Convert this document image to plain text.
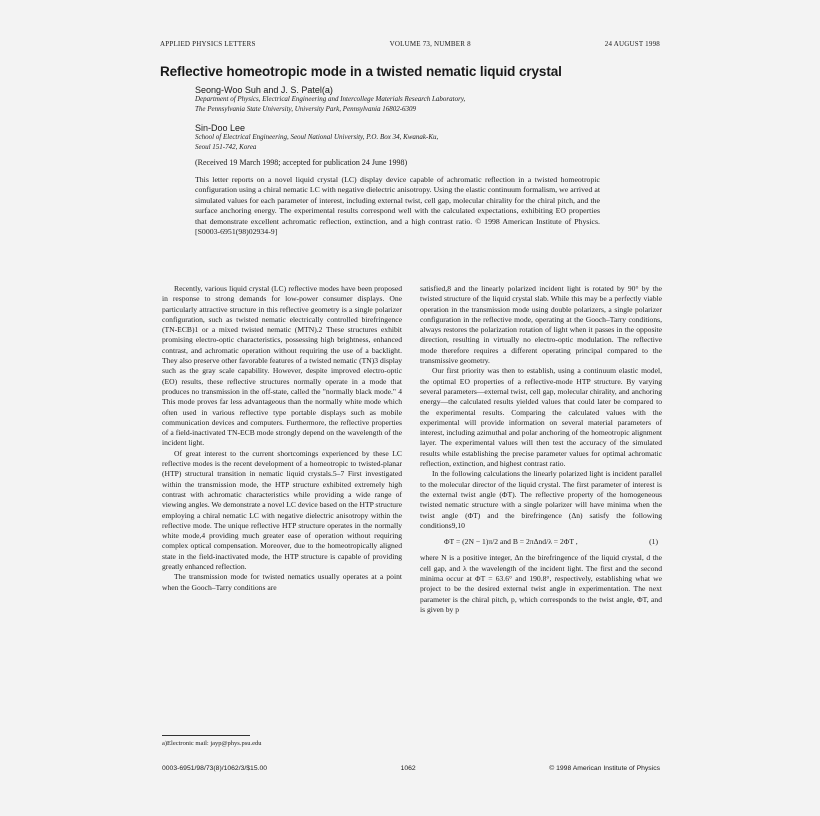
APPLIED PHYSICS LETTERS	VOLUME 73, NUMBER 8	24 AUGUST 1998
Reflective homeotropic mode in a twisted nematic liquid crystal
Seong-Woo Suh and J. S. Patel(a)
Department of Physics, Electrical Engineering and Intercollege Materials Research Laboratory,
The Pennsylvania State University, University Park, Pennsylvania 16802-6309
Sin-Doo Lee
School of Electrical Engineering, Seoul National University, P.O. Box 34, Kwanak-Ku,
Seoul 151-742, Korea
(Received 19 March 1998; accepted for publication 24 June 1998)
This letter reports on a novel liquid crystal (LC) display device capable of achromatic reflection in a twisted homeotropic configuration using a chiral nematic LC with negative dielectric anisotropy. Using the elastic continuum formalism, we arrived at simulated values for each parameter of interest, including external twist, cell gap, molecular chirality for the chiral pitch, and the surface anchoring energy. The experimental results correspond well with the calculated expectations, exhibiting EO properties that demonstrate excellent achromatic reflection, extinction, and a high contrast ratio. © 1998 American Institute of Physics. [S0003-6951(98)02934-9]

Recently, various liquid crystal (LC) reflective modes have been proposed in response to strong demands for low-power consumer displays. One particularly attractive structure in this reflective geometry is a single polarizer configuration, such as twisted nematic electrically controlled birefringence (TN-ECB)1 or a mixed twisted nematic (MTN).2 These structures exhibit promising electro-optic characteristics, possessing high brightness, enhanced contrast, and achromatic operation without requiring the use of a backlight. They also preserve other favorable features of a twisted nematic (TN)3 display such as the gray scale capability. However, despite improved electro-optic (EO) results, these reflective structures normally operate in a mode that produces no transmission in the off-state, called the "normally black mode." 4 This mode proves far less advantageous than the normally white mode which often used in various reflective type portable displays such as mobile communication devices and computers. Furthermore, the reflective properties of a field-inactivated TN-ECB mode strongly depend on the wavelength of the incident light.

Of great interest to the current shortcomings experienced by these LC reflective modes is the recent development of a homeotropic to twisted-planar (HTP) structural transition in nematic liquid crystals.5–7 First investigated within the transmission mode, the HTP structure exhibited extremely high contrast with achromatic characteristics while providing a wide range of viewing angles. We demonstrate a novel LC device based on the HTP structure employing a chiral nematic LC with negative dielectric anisotropy within the reflective mode. The unique reflective HTP structure operates in the normally white mode,4 providing much greater ease of operation without requiring complex optical compensation. Moreover, due to the homeotropically aligned state in the field-inactivated mode, the HTP structure is capable of providing greatly enhanced reflection.

The transmission mode for twisted nematics usually operates at a point when the Gooch–Tarry conditions are

satisfied,8 and the linearly polarized incident light is rotated by 90° by the twisted structure of the liquid crystal slab. While this may be a perfectly viable operation in the transmission mode using double polarizers, a single polarizer configuration in the reflective mode, operating at the Gooch–Tarry conditions, always restores the polarization rotation of light when it passes in the opposite direction, resulting in virtually no electro-optic modulation. The reflective mode therefore requires a different operating principal compared to the transmissive geometry.

Our first priority was then to establish, using a continuum elastic model, the optimal EO properties of a reflective-mode HTP structure. By varying several parameters—external twist, cell gap, molecular chirality, and anchoring energy—the calculated results yielded values that could later be compared to the experimental results. Comparing the calculated values with the experimental will provide information on several material parameters of interest, including azimuthal and polar anchoring of the homeotropic alignment layer. The experimental values will then test the accuracy of the simulated results while establishing the precise parameter values for optimal achromatic reflection, extinction, and highest contrast ratio.

In the following calculations the linearly polarized light is incident parallel to the molecular director of the liquid crystal. The first parameter of interest is the external twist angle (ΦT). The reflective property of the homogeneous twisted nematic structure with a single polarizer will have minima when the twist angle (ΦT) and the birefringence (Δn) satisfy the following conditions9,10

ΦT = (2N − 1)π/2 and B = 2πΔnd/λ = 2ΦT ,	(1)

where N is a positive integer, Δn the birefringence of the liquid crystal, d the cell gap, and λ the wavelength of the incident light. The first and the second minima occur at ΦT = 63.6° and 190.8°, respectively, establishing what we project to be the desired external twist angle in experimentation. The next parameter is the chiral pitch, p, which corresponds to the twist angle, ΦT, and is given by p

a)Electronic mail: jayp@phys.psu.edu
0003-6951/98/73(8)/1062/3/$15.00	1062	© 1998 American Institute of Physics
